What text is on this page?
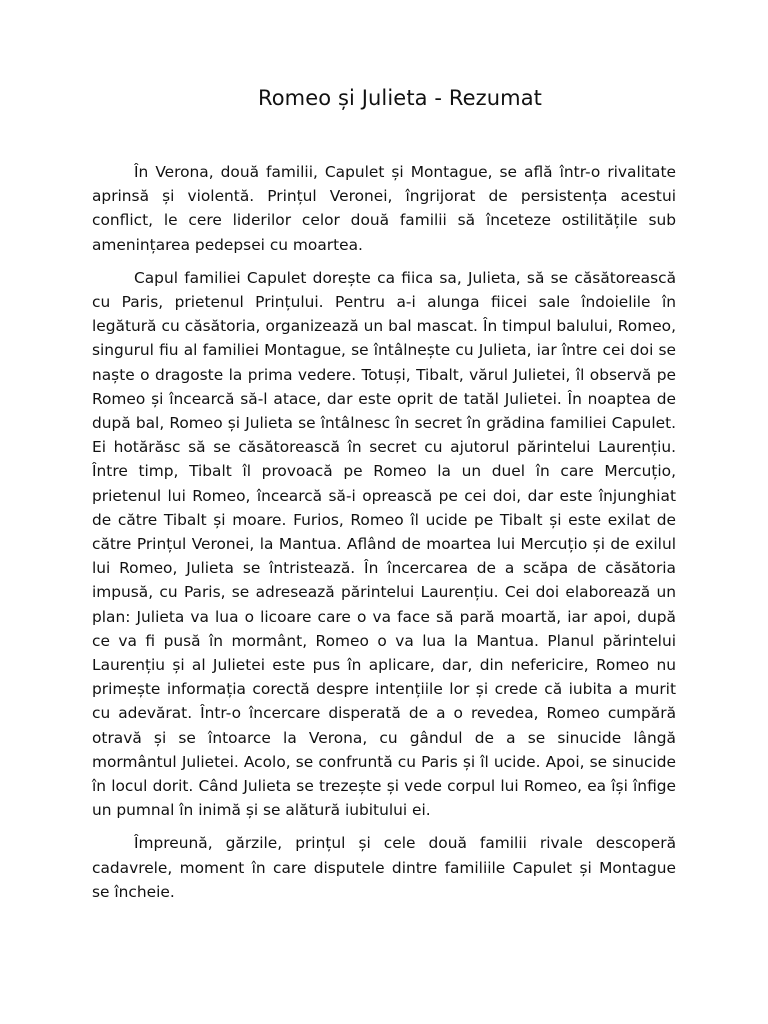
Romeo și Julieta - Rezumat

În Verona, două familii, Capulet și Montague, se află într-o rivalitate aprinsă și violentă. Prințul Veronei, îngrijorat de persistența acestui conflict, le cere liderilor celor două familii să înceteze ostilitățile sub amenințarea pedepsei cu moartea.

Capul familiei Capulet dorește ca fiica sa, Julieta, să se căsătorească cu Paris, prietenul Prințului. Pentru a-i alunga fiicei sale îndoielile în legătură cu căsătoria, organizează un bal mascat. În timpul balului, Romeo, singurul fiu al familiei Montague, se întâlnește cu Julieta, iar între cei doi se naște o dragoste la prima vedere. Totuși, Tibalt, vărul Julietei, îl observă pe Romeo și încearcă să-l atace, dar este oprit de tatăl Julietei. În noaptea de după bal, Romeo și Julieta se întâlnesc în secret în grădina familiei Capulet. Ei hotărăsc să se căsătorească în secret cu ajutorul părintelui Laurențiu. Între timp, Tibalt îl provoacă pe Romeo la un duel în care Mercuțio, prietenul lui Romeo, încearcă să-i oprească pe cei doi, dar este înjunghiat de către Tibalt și moare. Furios, Romeo îl ucide pe Tibalt și este exilat de către Prințul Veronei, la Mantua. Aflând de moartea lui Mercuțio și de exilul lui Romeo, Julieta se întristează. În încercarea de a scăpa de căsătoria impusă, cu Paris, se adresează părintelui Laurențiu. Cei doi elaborează un plan: Julieta va lua o licoare care o va face să pară moartă, iar apoi, după ce va fi pusă în mormânt, Romeo o va lua la Mantua. Planul părintelui Laurențiu și al Julietei este pus în aplicare, dar, din nefericire, Romeo nu primește informația corectă despre intențiile lor și crede că iubita a murit cu adevărat. Într-o încercare disperată de a o revedea, Romeo cumpără otravă și se întoarce la Verona, cu gândul de a se sinucide lângă mormântul Julietei. Acolo, se confruntă cu Paris și îl ucide. Apoi, se sinucide în locul dorit. Când Julieta se trezește și vede corpul lui Romeo, ea își înfige un pumnal în inimă și se alătură iubitului ei.

Împreună, gărzile, prințul și cele două familii rivale descoperă cadavrele, moment în care disputele dintre familiile Capulet și Montague se încheie.
